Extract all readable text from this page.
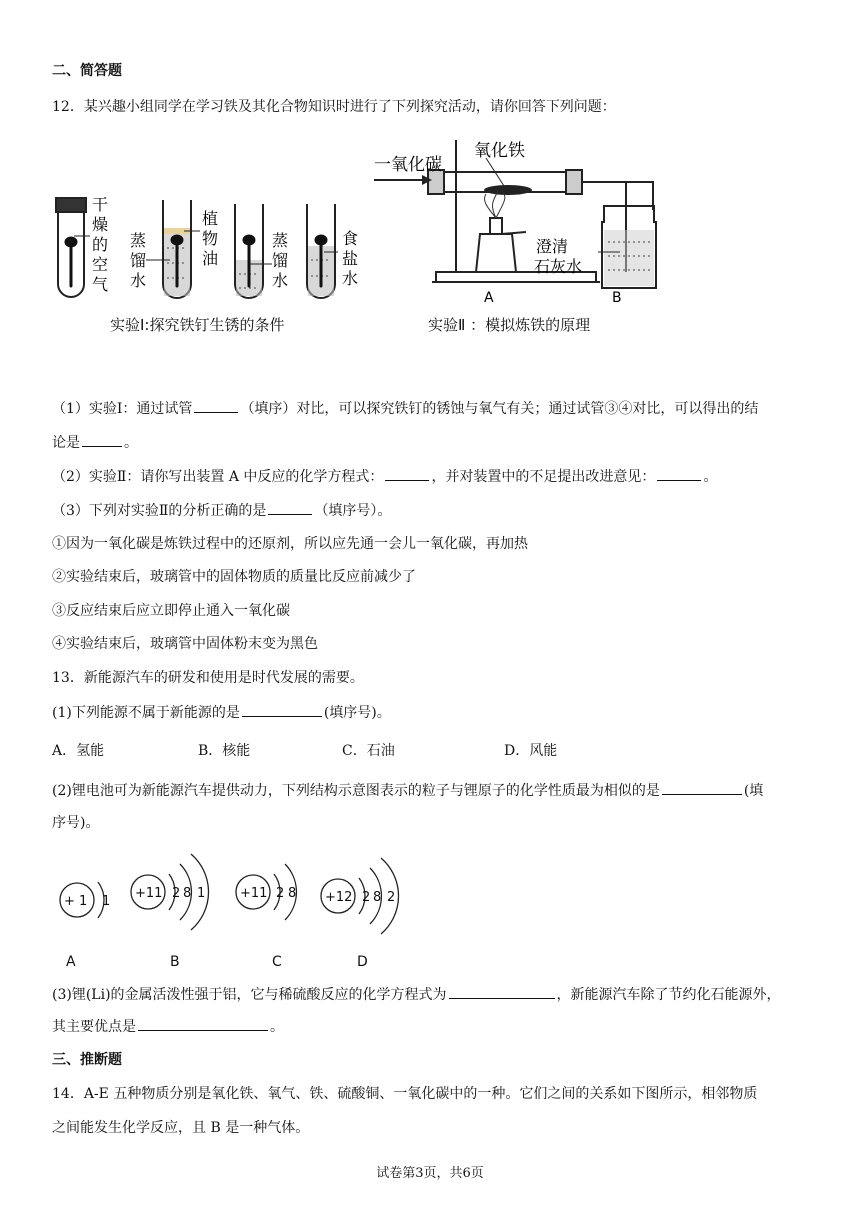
二、简答题
12．某兴趣小组同学在学习铁及其化合物知识时进行了下列探究活动，请你回答下列问题：
干
燥
的
空
气
蒸
馏
水
植
物
油
蒸
馏
水
食
盐
水
实验Ⅰ:探究铁钉生锈的条件
一氧化碳
氧化铁
澄清
石灰水
A	B
实验Ⅱ ：模拟炼铁的原理
（1）实验Ⅰ：通过试管	（填序）对比，可以探究铁钉的锈蚀与氧气有关；通过试管③④对比，可以得出的结
论是	。
（2）实验Ⅱ：请你写出装置 A 中反应的化学方程式：	，并对装置中的不足提出改进意见：	。
（3）下列对实验Ⅱ的分析正确的是	（填序号）。
①因为一氧化碳是炼铁过程中的还原剂，所以应先通一会儿一氧化碳，再加热
②实验结束后，玻璃管中的固体物质的质量比反应前减少了
③反应结束后应立即停止通入一氧化碳
④实验结束后，玻璃管中固体粉末变为黑色
13．新能源汽车的研发和使用是时代发展的需要。
(1)下列能源不属于新能源的是	(填序号)。
A．氢能	B．核能	C．石油	D．风能
(2)锂电池可为新能源汽车提供动力，下列结构示意图表示的粒子与锂原子的化学性质最为相似的是	(填
序号)。
+ 1 1
A
+11 2 8 1
B
+11 2 8
C
+12 2 8 2
D
(3)锂(Li)的金属活泼性强于铝，它与稀硫酸反应的化学方程式为	，新能源汽车除了节约化石能源外，
其主要优点是	。
三、推断题
14．A-E 五种物质分别是氧化铁、氧气、铁、硫酸铜、一氧化碳中的一种。它们之间的关系如下图所示，相邻物质
之间能发生化学反应，且 B 是一种气体。
试卷第3页，共6页
